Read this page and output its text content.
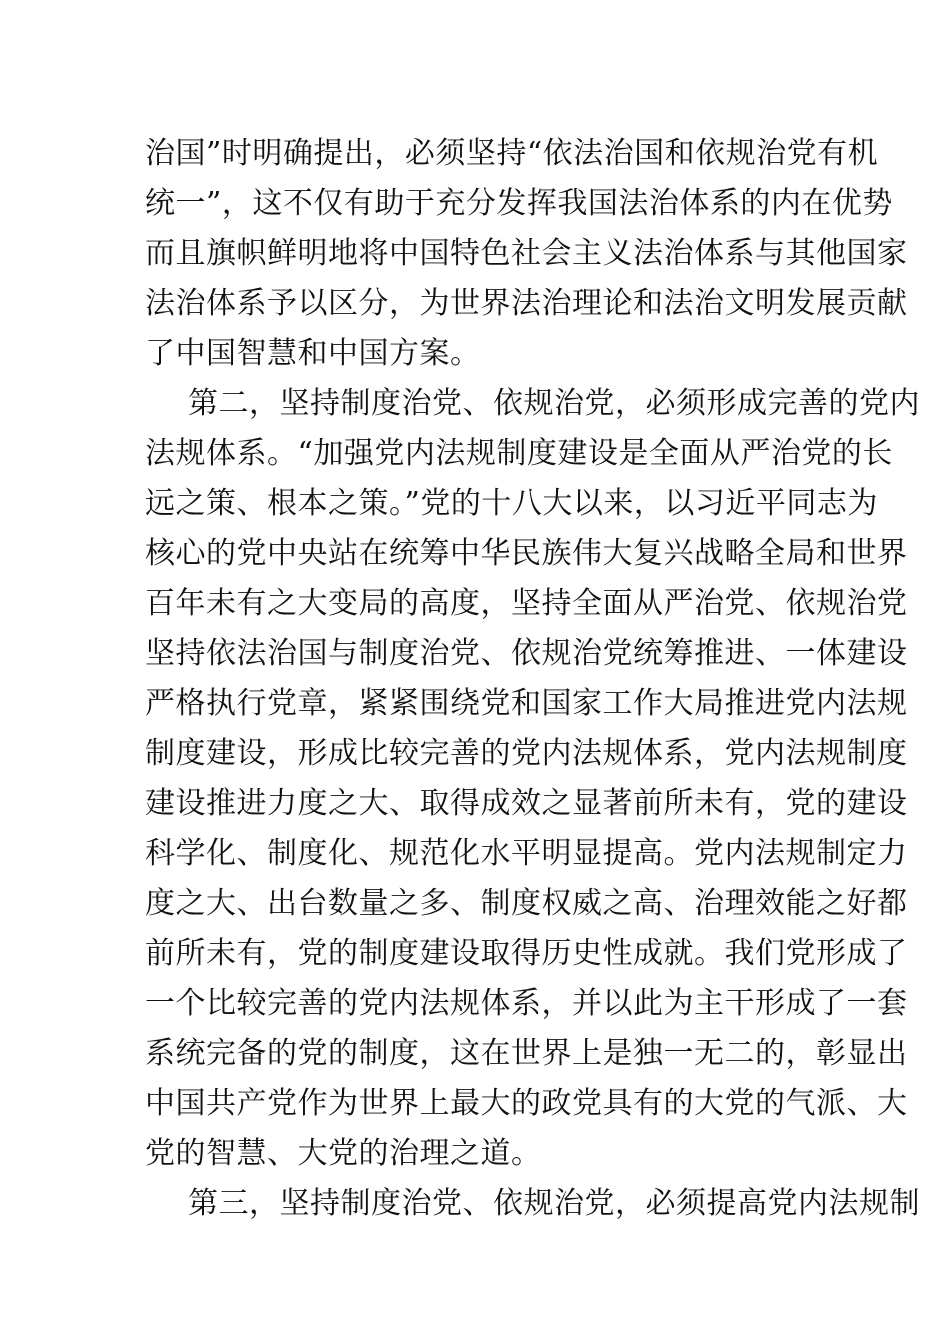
治国”时明确提出，必须坚持“依法治国和依规治党有机
统一”，这不仅有助于充分发挥我国法治体系的内在优势
而且旗帜鲜明地将中国特色社会主义法治体系与其他国家
法治体系予以区分，为世界法治理论和法治文明发展贡献
了中国智慧和中国方案。
第二，坚持制度治党、依规治党，必须形成完善的党内
法规体系。“加强党内法规制度建设是全面从严治党的长
远之策、根本之策。”党的十八大以来，以习近平同志为
核心的党中央站在统筹中华民族伟大复兴战略全局和世界
百年未有之大变局的高度，坚持全面从严治党、依规治党
坚持依法治国与制度治党、依规治党统筹推进、一体建设
严格执行党章，紧紧围绕党和国家工作大局推进党内法规
制度建设，形成比较完善的党内法规体系，党内法规制度
建设推进力度之大、取得成效之显著前所未有，党的建设
科学化、制度化、规范化水平明显提高。党内法规制定力
度之大、出台数量之多、制度权威之高、治理效能之好都
前所未有，党的制度建设取得历史性成就。我们党形成了
一个比较完善的党内法规体系，并以此为主干形成了一套
系统完备的党的制度，这在世界上是独一无二的，彰显出
中国共产党作为世界上最大的政党具有的大党的气派、大
党的智慧、大党的治理之道。
第三，坚持制度治党、依规治党，必须提高党内法规制
